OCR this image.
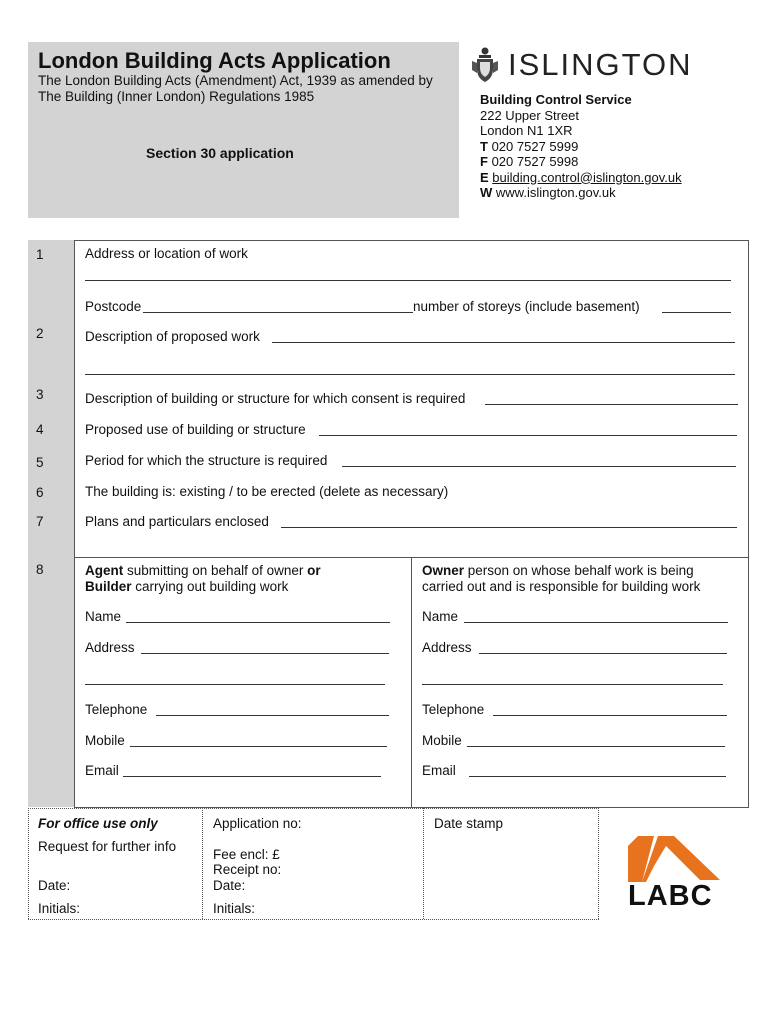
London Building Acts Application
The London Building Acts (Amendment) Act, 1939 as amended by The Building (Inner London) Regulations 1985
Section 30 application
ISLINGTON
Building Control Service
222 Upper Street
London N1 1XR
T 020 7527 5999
F 020 7527 5998
E building.control@islington.gov.uk
W www.islington.gov.uk
1
2
3
4
5
6
7
8
Address or location of work
Postcode	number of storeys (include basement)
Description of proposed work
Description of building or structure for which consent is required
Proposed use of building or structure
Period for which the structure is required
The building is: existing / to be erected (delete as necessary)
Plans and particulars enclosed
Agent submitting on behalf of owner or
Builder carrying out building work
Name
Address
Telephone
Mobile
Email
Owner person on whose behalf work is being
carried out and is responsible for building work
Name
Address
Telephone
Mobile
Email
For office use only
Request for further info
Date:
Initials:
Application no:
Fee encl: £
Receipt no:
Date:
Initials:
Date stamp
LABC
